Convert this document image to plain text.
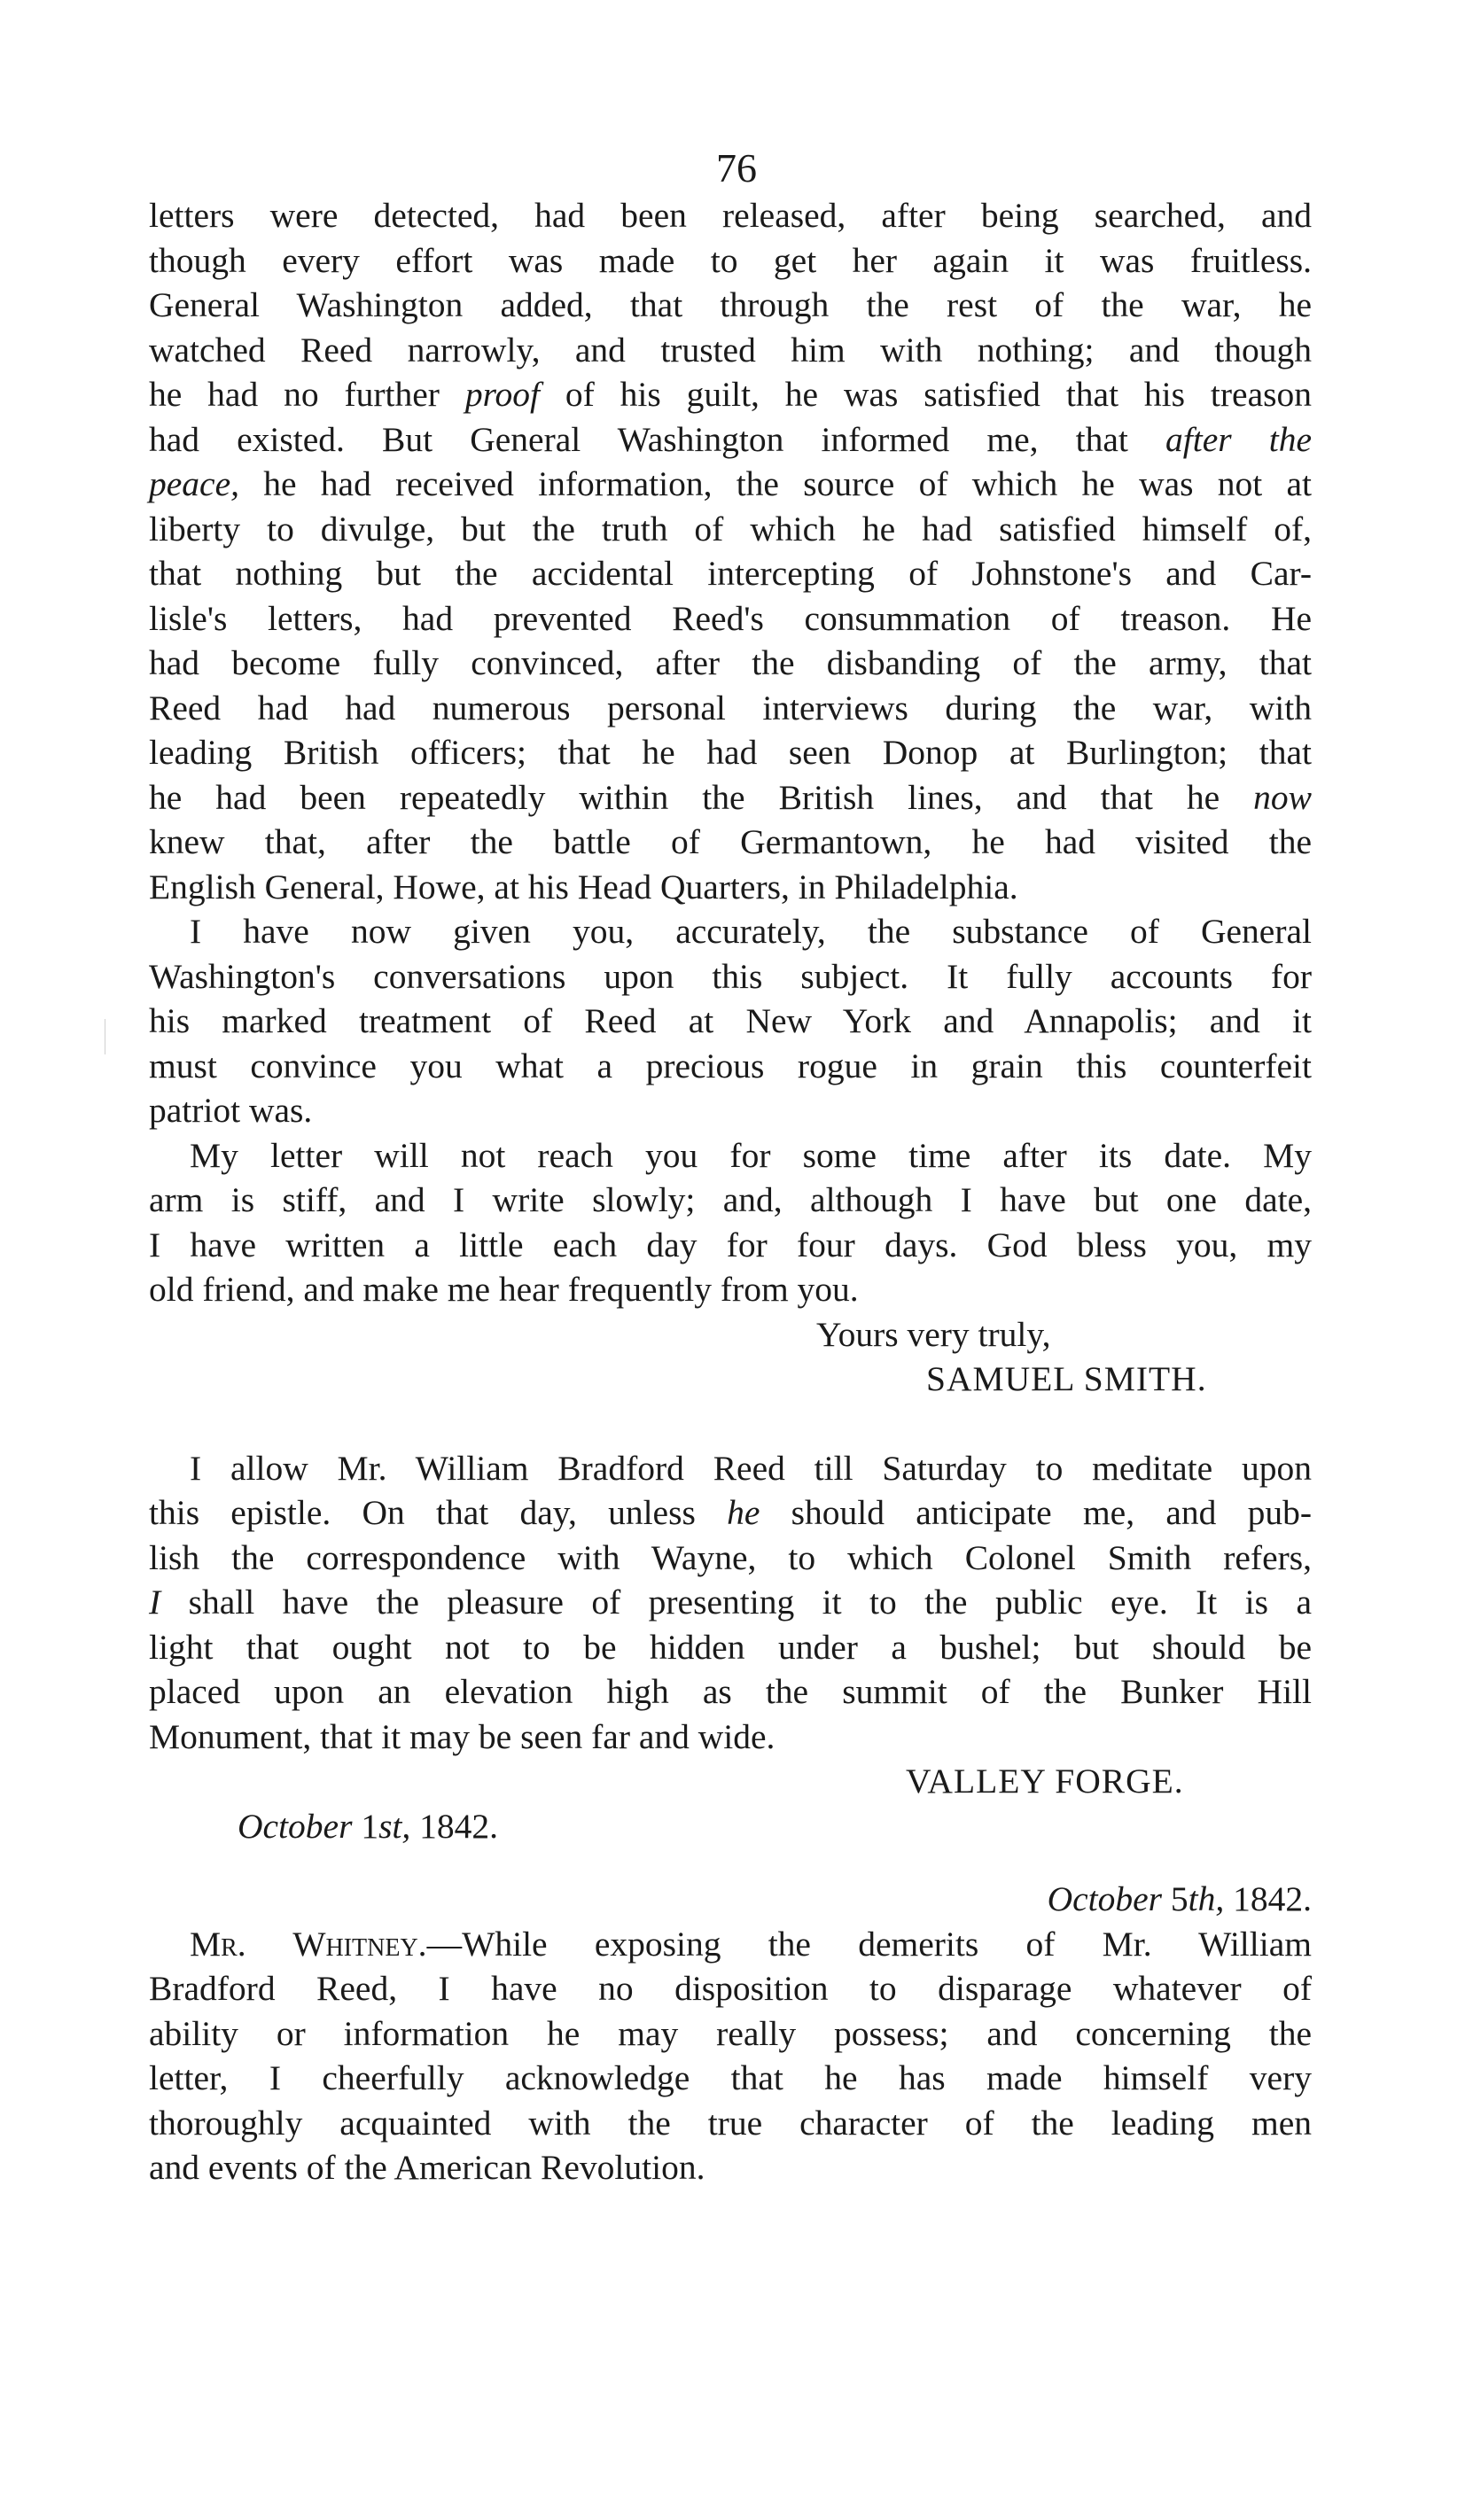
76
letters were detected, had been released, after being searched, and
though every effort was made to get her again it was fruitless.
General Washington added, that through the rest of the war, he
watched Reed narrowly, and trusted him with nothing; and though
he had no further proof of his guilt, he was satisfied that his treason
had existed. But General Washington informed me, that after the
peace, he had received information, the source of which he was not at
liberty to divulge, but the truth of which he had satisfied himself of,
that nothing but the accidental intercepting of Johnstone's and Car-
lisle's letters, had prevented Reed's consummation of treason. He
had become fully convinced, after the disbanding of the army, that
Reed had had numerous personal interviews during the war, with
leading British officers; that he had seen Donop at Burlington; that
he had been repeatedly within the British lines, and that he now
knew that, after the battle of Germantown, he had visited the
English General, Howe, at his Head Quarters, in Philadelphia.
I have now given you, accurately, the substance of General
Washington's conversations upon this subject. It fully accounts for
his marked treatment of Reed at New York and Annapolis; and it
must convince you what a precious rogue in grain this counterfeit
patriot was.
My letter will not reach you for some time after its date. My
arm is stiff, and I write slowly; and, although I have but one date,
I have written a little each day for four days. God bless you, my
old friend, and make me hear frequently from you.
Yours very truly,
SAMUEL SMITH.
I allow Mr. William Bradford Reed till Saturday to meditate upon
this epistle. On that day, unless he should anticipate me, and pub-
lish the correspondence with Wayne, to which Colonel Smith refers,
I shall have the pleasure of presenting it to the public eye. It is a
light that ought not to be hidden under a bushel; but should be
placed upon an elevation high as the summit of the Bunker Hill
Monument, that it may be seen far and wide.
VALLEY FORGE.
October 1st, 1842.
October 5th, 1842.
Mr. Whitney.—While exposing the demerits of Mr. William
Bradford Reed, I have no disposition to disparage whatever of
ability or information he may really possess; and concerning the
letter, I cheerfully acknowledge that he has made himself very
thoroughly acquainted with the true character of the leading men
and events of the American Revolution.
